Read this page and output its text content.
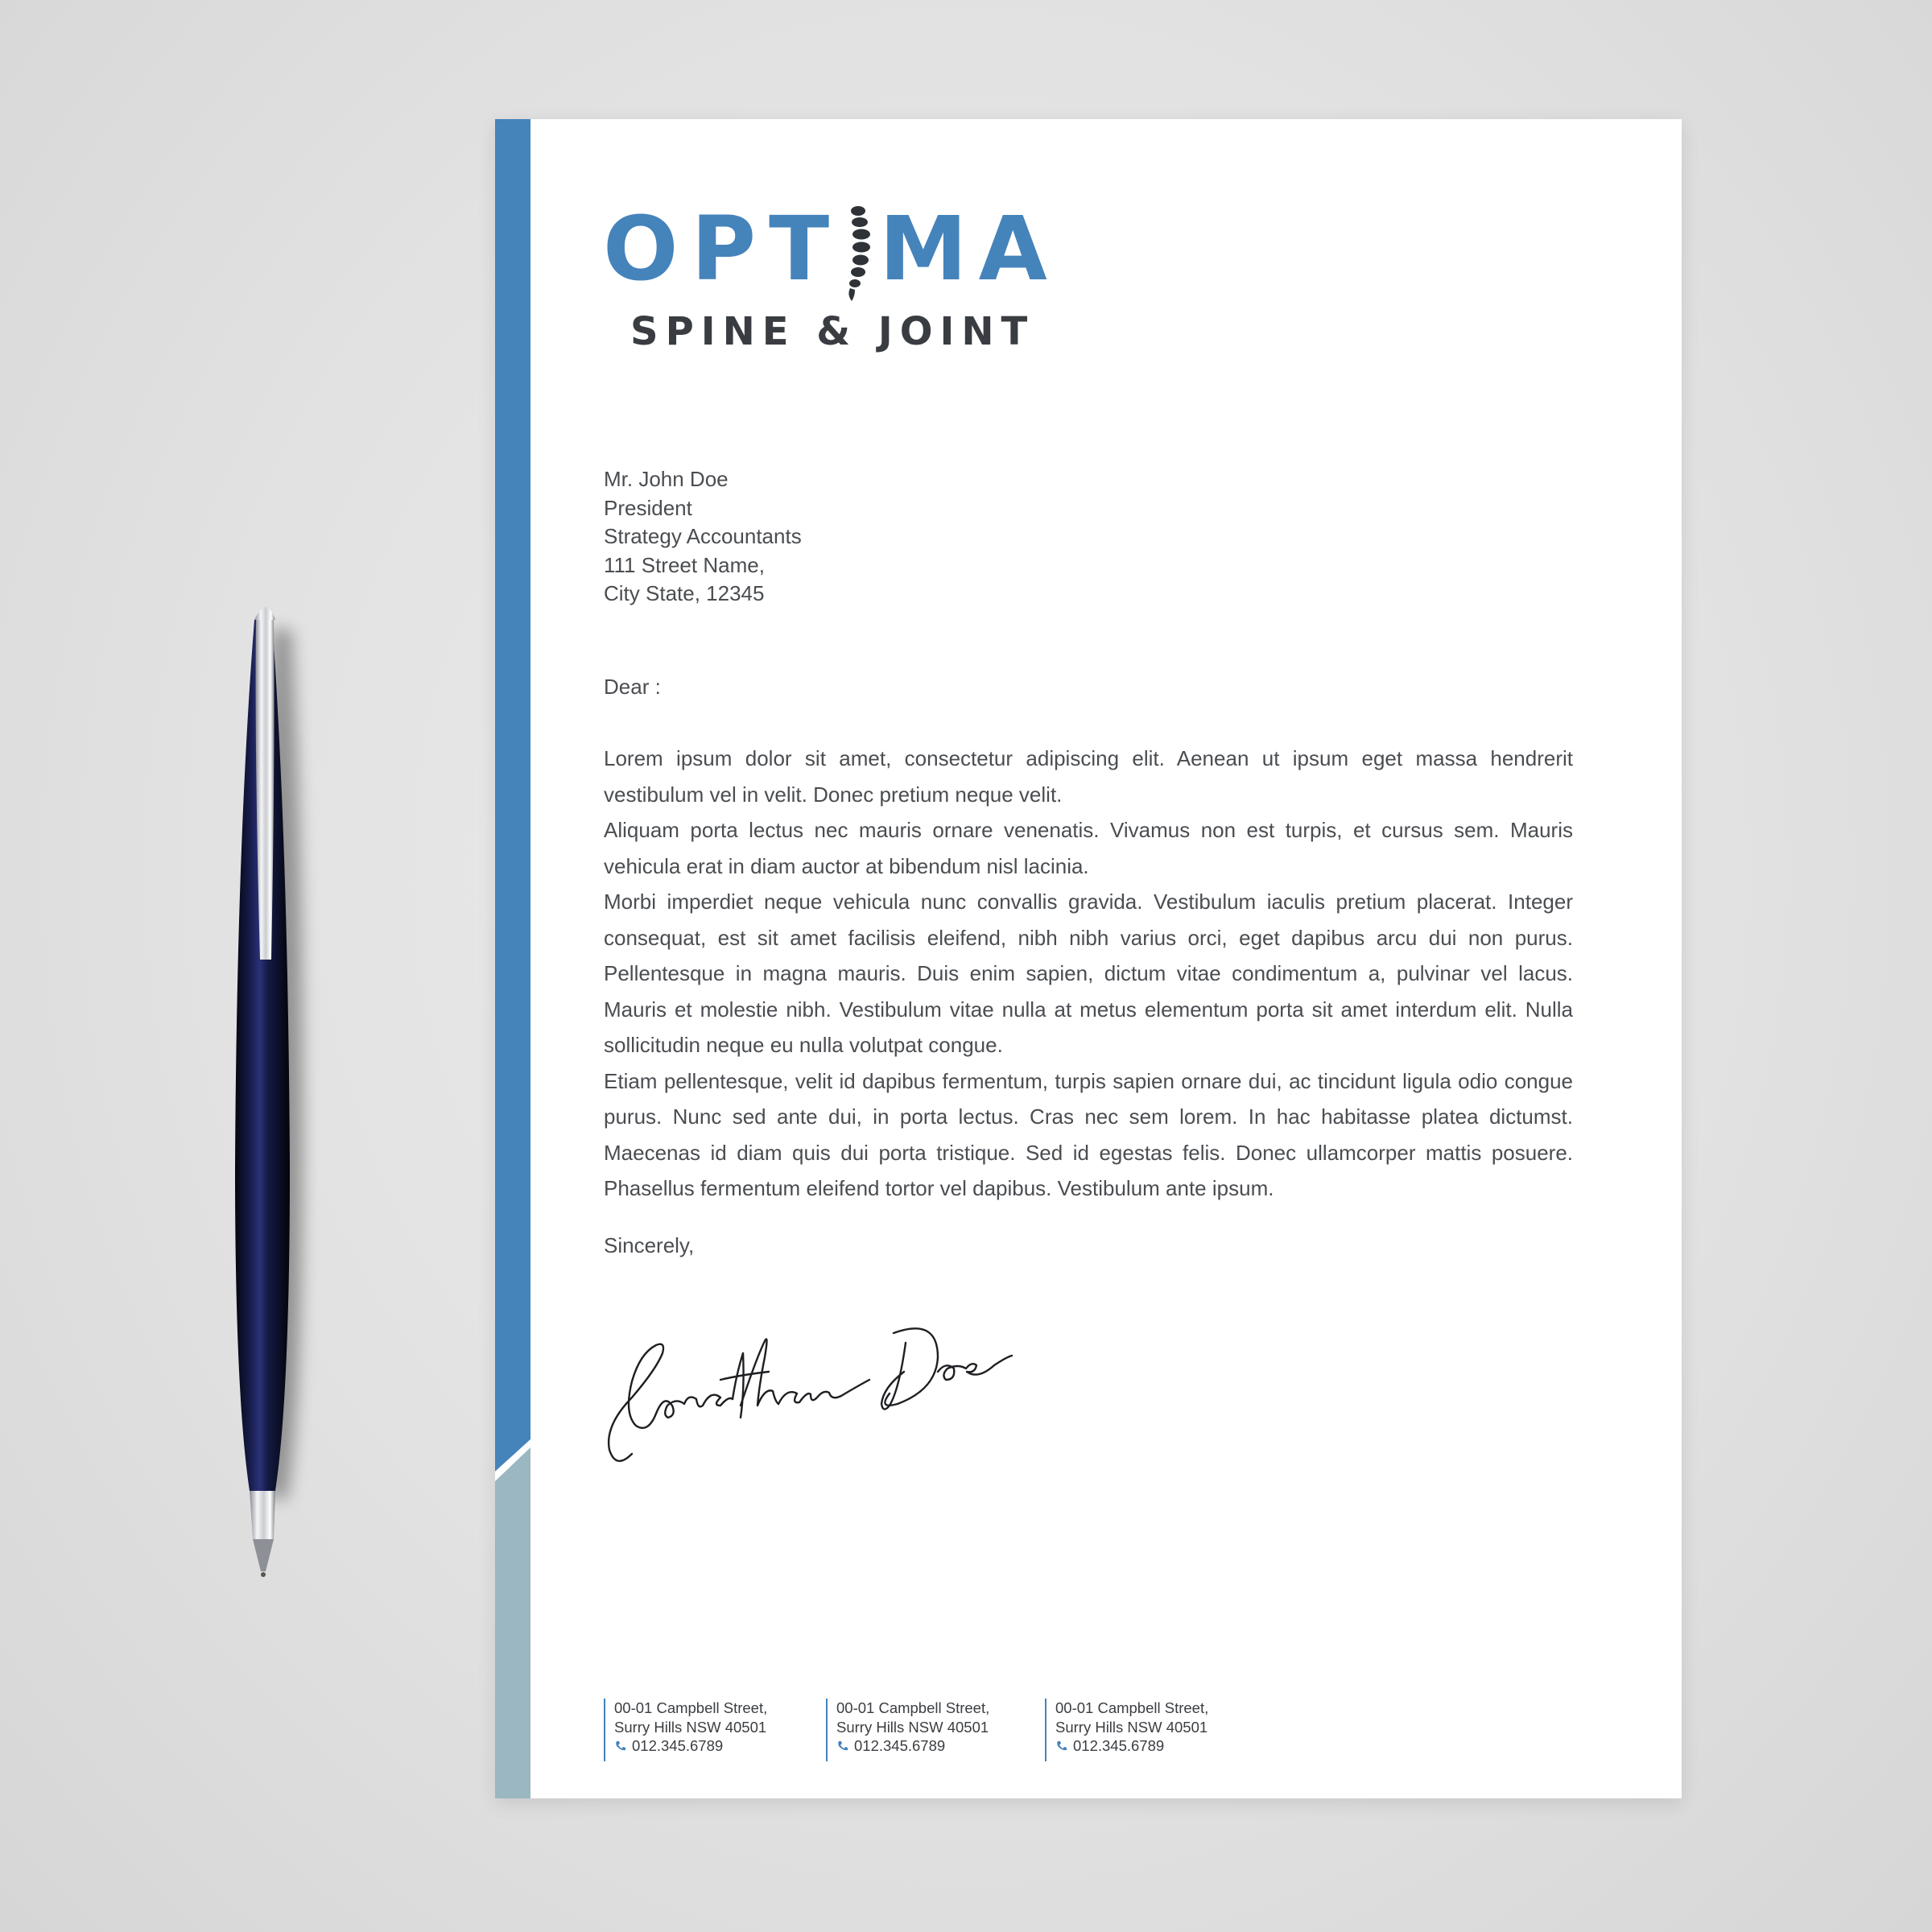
OPT MA
SPINE & JOINT
Mr. John Doe
President
Strategy Accountants
111 Street Name,
City State, 12345
Dear :

Lorem ipsum dolor sit amet, consectetur adipiscing elit. Aenean ut ipsum eget massa hendrerit vestibulum vel in velit. Donec pretium neque velit.

Aliquam porta lectus nec mauris ornare venenatis. Vivamus non est turpis, et cursus sem. Mauris vehicula erat in diam auctor at bibendum nisl lacinia.

Morbi imperdiet neque vehicula nunc convallis gravida. Vestibulum iaculis pretium placerat. Integer consequat, est sit amet facilisis eleifend, nibh nibh varius orci, eget dapibus arcu dui non purus. Pellentesque in magna mauris. Duis enim sapien, dictum vitae condimentum a, pulvinar vel lacus. Mauris et molestie nibh. Vestibulum vitae nulla at metus elementum porta sit amet interdum elit. Nulla sollicitudin neque eu nulla volutpat congue.

Etiam pellentesque, velit id dapibus fermentum, turpis sapien ornare dui, ac tincidunt ligula odio congue purus. Nunc sed ante dui, in porta lectus. Cras nec sem lorem. In hac habitasse platea dictumst. Maecenas id diam quis dui porta tristique. Sed id egestas felis. Donec ullamcorper mattis posuere. Phasellus fermentum eleifend tortor vel dapibus. Vestibulum ante ipsum.

Sincerely,
00-01 Campbell Street,
Surry Hills NSW 40501
012.345.6789
00-01 Campbell Street,
Surry Hills NSW 40501
012.345.6789
00-01 Campbell Street,
Surry Hills NSW 40501
012.345.6789
